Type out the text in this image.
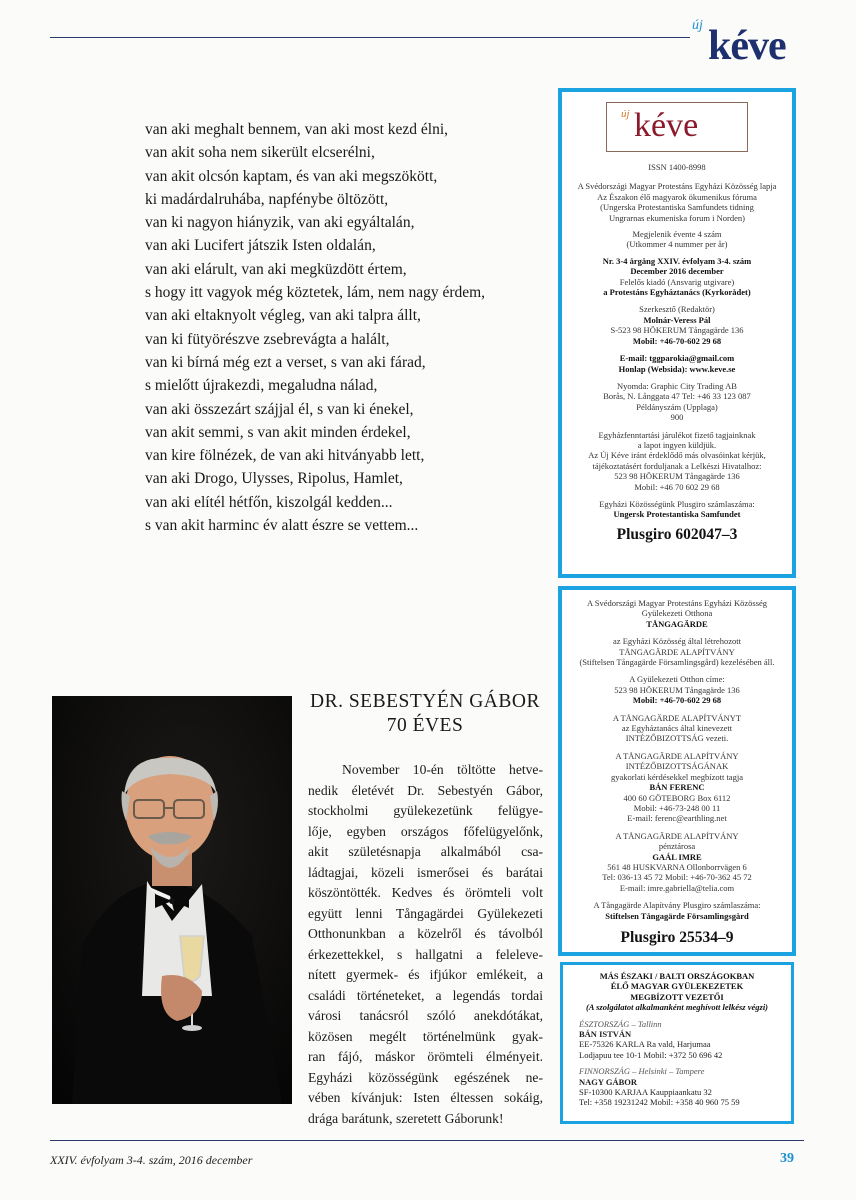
új kéve
van aki meghalt bennem, van aki most kezd élni,
van akit soha nem sikerült elcserélni,
van akit olcsón kaptam, és van aki megszökött,
ki madárdalruhába, napfénybe öltözött,
van ki nagyon hiányzik, van aki egyáltalán,
van aki Lucifert játszik Isten oldalán,
van aki elárult, van aki megküzdött értem,
s hogy itt vagyok még köztetek, lám, nem nagy érdem,
van aki eltaknyolt végleg, van aki talpra állt,
van ki fütyörészve zsebrevágta a halált,
van ki bírná még ezt a verset, s van aki fárad,
s mielőtt újrakezdi, megaludna nálad,
van aki összezárt szájjal él, s van ki énekel,
van akit semmi, s van akit minden érdekel,
van kire fölnézek, de van aki hitványabb lett,
van aki Drogo, Ulysses, Ripolus, Hamlet,
van aki elítél hétfőn, kiszolgál kedden...
s van akit harminc év alatt észre se vettem...
új kéve
ISSN 1400-8998
A Svédországi Magyar Protestáns Egyházi Közösség lapja
Az Északon élő magyarok ökumenikus fóruma
(Ungerska Protestantiska Samfundets tidning
Ungrarnas ekumeniska forum i Norden)
Megjelenik évente 4 szám
(Utkommer 4 nummer per år)
Nr. 3-4 årgång XXIV. évfolyam 3-4. szám
December 2016 december
Felelős kiadó (Ansvarig utgivare)
a Protestáns Egyháztanács (Kyrkorådet)
Szerkesztő (Redaktör)
Molnár-Veress Pál
S-523 98 HÖKERUM Tångagärde 136
Mobil: +46-70-602 29 68
E-mail: tggparokia@gmail.com
Honlap (Websida): www.keve.se
Nyomda: Graphic City Trading AB
Borås, N. Långgata 47 Tel: +46 33 123 087
Példányszám (Upplaga)
900
Egyházfenntartási járulékot fizető tagjainknak
a lapot ingyen küldjük.
Az Új Kéve iránt érdeklődő más olvasóinkat kérjük,
tájékoztatásért forduljanak a Lelkészi Hivatalhoz:
523 98 HÖKERUM Tångagärde 136
Mobil: +46 70 602 29 68
Egyházi Közösségünk Plusgiro számlaszáma:
Ungersk Protestantiska Samfundet
Plusgiro 602047–3
A Svédországi Magyar Protestáns Egyházi Közösség
Gyülekezeti Otthona
TÅNGAGÄRDE
az Egyházi Közösség által létrehozott
TÅNGAGÄRDE ALAPÍTVÁNY
(Stiftelsen Tångagärde Församlingsgård) kezelésében áll.
A Gyülekezeti Otthon címe:
523 98 HÖKERUM Tångagärde 136
Mobil: +46-70-602 29 68
A TÅNGAGÄRDE ALAPÍTVÁNYT
az Egyháztanács által kinevezett
INTÉZŐBIZOTTSÁG vezeti.
A TÅNGAGÄRDE ALAPÍTVÁNY
INTÉZŐBIZOTTSÁGÁNAK
gyakorlati kérdésekkel megbízott tagja
BÁN FERENC
400 60 GÖTEBORG Box 6112
Mobil: +46-73-248 00 11
E-mail: ferenc@earthling.net
A TÅNGAGÄRDE ALAPÍTVÁNY
pénztárosa
GAÁL IMRE
561 48 HUSKVARNA Ollonborrvägen 6
Tel: 036-13 45 72 Mobil: +46-70-362 45 72
E-mail: imre.gabriella@telia.com
A Tångagärde Alapítvány Plusgiro számlaszáma:
Stiftelsen Tångagärde Församlingsgård
Plusgiro 25534–9
MÁS ÉSZAKI / BALTI ORSZÁGOKBAN
ÉLŐ MAGYAR GYÜLEKEZETEK
MEGBÍZOTT VEZETŐI
(A szolgálatot alkalmanként meghívott lelkész végzi)
ÉSZTORSZÁG – Tallinn
BÁN ISTVÁN
EE-75326 KARLA Ra vald, Harjumaa
Lodjapuu tee 10-1 Mobil: +372 50 696 42
FINNORSZÁG – Helsinki – Tampere
NAGY GÁBOR
SF-10300 KARJAA Kauppiaankatu 32
Tel: +358 19231242 Mobil: +358 40 960 75 59
DR. SEBESTYÉN GÁBOR
70 ÉVES
November 10-én töltötte hetve-
nedik életévét Dr. Sebestyén Gábor,
stockholmi gyülekezetünk felügye-
lője, egyben országos főfelügyelőnk,
akit születésnapja alkalmából csa-
ládtagjai, közeli ismerősei és barátai
köszöntötték. Kedves és örömteli volt
együtt lenni Tångagärdei Gyülekezeti
Otthonunkban a közelről és távolból
érkezettekkel, s hallgatni a feleleve-
nített gyermek- és ifjúkor emlékeit, a
családi történeteket, a legendás tordai
városi tanácsról szóló anekdótákat,
közösen megélt történelmünk gyak-
ran fájó, máskor örömteli élményeit.
Egyházi közösségünk egészének ne-
vében kívánjuk: Isten éltessen sokáig,
drága barátunk, szeretett Gáborunk!
XXIV. évfolyam 3-4. szám, 2016 december	39
